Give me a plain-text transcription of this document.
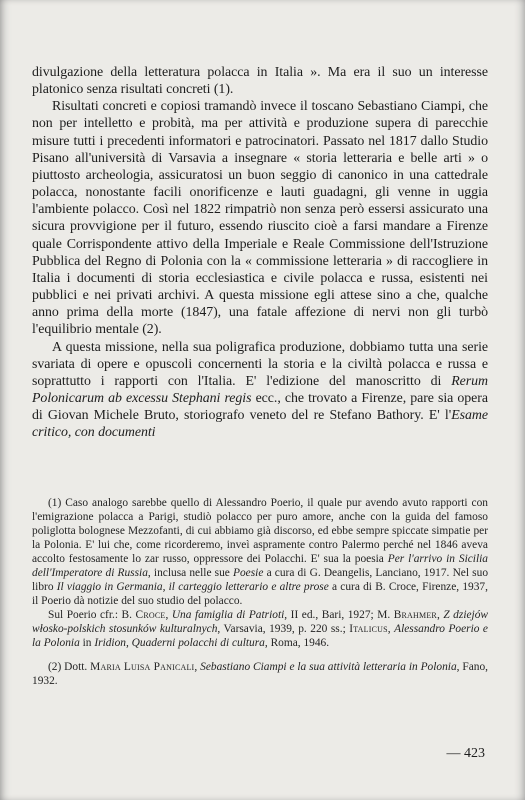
divulgazione della letteratura polacca in Italia ». Ma era il suo un interesse platonico senza risultati concreti (1).

Risultati concreti e copiosi tramandò invece il toscano Sebastiano Ciampi, che non per intelletto e probità, ma per attività e produzione supera di parecchie misure tutti i precedenti informatori e patrocinatori. Passato nel 1817 dallo Studio Pisano all'università di Varsavia a insegnare « storia letteraria e belle arti » o piuttosto archeologia, assicuratosi un buon seggio di canonico in una cattedrale polacca, nonostante facili onorificenze e lauti guadagni, gli venne in uggia l'ambiente polacco. Così nel 1822 rimpatriò non senza però essersi assicurato una sicura provvigione per il futuro, essendo riuscito cioè a farsi mandare a Firenze quale Corrispondente attivo della Imperiale e Reale Commissione dell'Istruzione Pubblica del Regno di Polonia con la « commissione letteraria » di raccogliere in Italia i documenti di storia ecclesiastica e civile polacca e russa, esistenti nei pubblici e nei privati archivi. A questa missione egli attese sino a che, qualche anno prima della morte (1847), una fatale affezione di nervi non gli turbò l'equilibrio mentale (2).

A questa missione, nella sua poligrafica produzione, dobbiamo tutta una serie svariata di opere e opuscoli concernenti la storia e la civiltà polacca e russa e soprattutto i rapporti con l'Italia. E' l'edizione del manoscritto di Rerum Polonicarum ab excessu Stephani regis ecc., che trovato a Firenze, pare sia opera di Giovan Michele Bruto, storiografo veneto del re Stefano Bathory. E' l'Esame critico, con documenti

(1) Caso analogo sarebbe quello di Alessandro Poerio, il quale pur avendo avuto rapporti con l'emigrazione polacca a Parigi, studiò polacco per puro amore, anche con la guida del famoso poliglotta bolognese Mezzofanti, di cui abbiamo già discorso, ed ebbe sempre spiccate simpatie per la Polonia. E' lui che, come ricorderemo, inveì aspramente contro Palermo perché nel 1846 aveva accolto festosamente lo zar russo, oppressore dei Polacchi. E' sua la poesia Per l'arrivo in Sicilia dell'Imperatore di Russia, inclusa nelle sue Poesie a cura di G. Deangelis, Lanciano, 1917. Nel suo libro Il viaggio in Germania, il carteggio letterario e altre prose a cura di B. Croce, Firenze, 1937, il Poerio dà notizie del suo studio del polacco.

Sul Poerio cfr.: B. Croce, Una famiglia di Patrioti, II ed., Bari, 1927; M. Brahmer, Z dziejów włosko-polskich stosunków kulturalnych, Varsavia, 1939, p. 220 ss.; Italicus, Alessandro Poerio e la Polonia in Iridion, Quaderni polacchi di cultura, Roma, 1946.

(2) Dott. Maria Luisa Panicali, Sebastiano Ciampi e la sua attività letteraria in Polonia, Fano, 1932.

— 423
